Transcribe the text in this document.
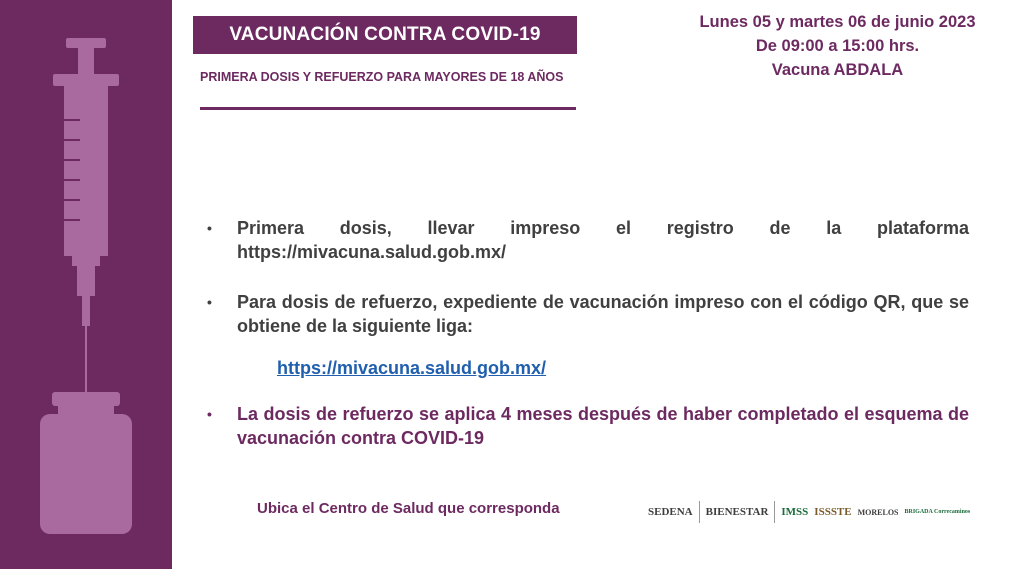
VACUNACIÓN CONTRA COVID-19
PRIMERA DOSIS Y REFUERZO PARA MAYORES DE 18 AÑOS
Lunes 05 y martes 06 de junio 2023
De 09:00 a 15:00 hrs.
Vacuna ABDALA
•	Primera dosis, llevar impreso el registro de la plataforma https://mivacuna.salud.gob.mx/
•	Para dosis de refuerzo, expediente de vacunación impreso con el código QR, que se obtiene de la siguiente liga:
https://mivacuna.salud.gob.mx/
•	La dosis de refuerzo se aplica 4 meses después de haber completado el esquema de vacunación contra COVID-19
Ubica el Centro de Salud que corresponda	SEDENA BIENESTAR IMSS ISSSTE MORELOS BRIGADA Correcaminos
